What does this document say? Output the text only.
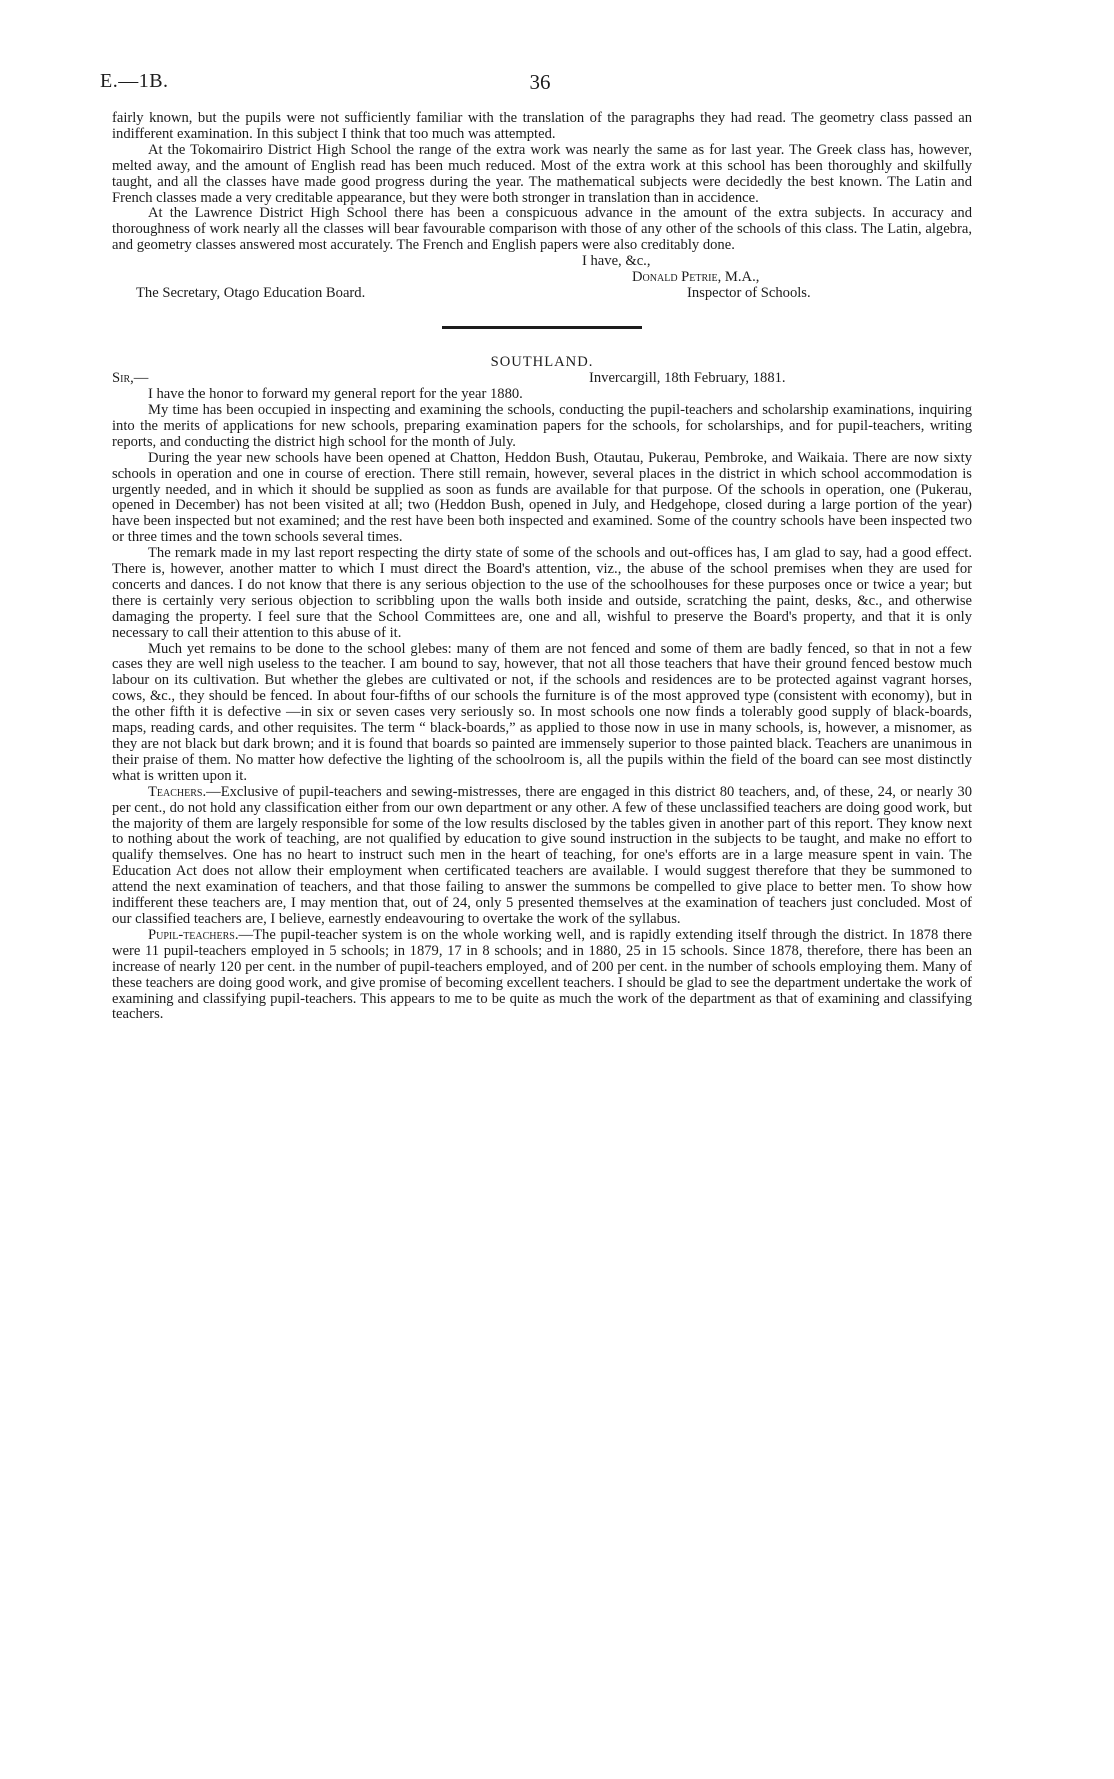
E.—1B.	36

fairly known, but the pupils were not sufficiently familiar with the translation of the paragraphs they had read. The geometry class passed an indifferent examination. In this subject I think that too much was attempted.

At the Tokomairiro District High School the range of the extra work was nearly the same as for last year. The Greek class has, however, melted away, and the amount of English read has been much reduced. Most of the extra work at this school has been thoroughly and skilfully taught, and all the classes have made good progress during the year. The mathematical subjects were decidedly the best known. The Latin and French classes made a very creditable appearance, but they were both stronger in translation than in accidence.

At the Lawrence District High School there has been a conspicuous advance in the amount of the extra subjects. In accuracy and thoroughness of work nearly all the classes will bear favourable comparison with those of any other of the schools of this class. The Latin, algebra, and geometry classes answered most accurately. The French and English papers were also creditably done.

I have, &c.,
Donald Petrie, M.A.,
The Secretary, Otago Education Board.	Inspector of Schools.

SOUTHLAND.

Sir,—	Invercargill, 18th February, 1881.

I have the honor to forward my general report for the year 1880.

My time has been occupied in inspecting and examining the schools, conducting the pupil-teachers and scholarship examinations, inquiring into the merits of applications for new schools, preparing examination papers for the schools, for scholarships, and for pupil-teachers, writing reports, and conducting the district high school for the month of July.

During the year new schools have been opened at Chatton, Heddon Bush, Otautau, Pukerau, Pembroke, and Waikaia. There are now sixty schools in operation and one in course of erection. There still remain, however, several places in the district in which school accommodation is urgently needed, and in which it should be supplied as soon as funds are available for that purpose. Of the schools in operation, one (Pukerau, opened in December) has not been visited at all; two (Heddon Bush, opened in July, and Hedgehope, closed during a large portion of the year) have been inspected but not examined; and the rest have been both inspected and examined. Some of the country schools have been inspected two or three times and the town schools several times.

The remark made in my last report respecting the dirty state of some of the schools and out-offices has, I am glad to say, had a good effect. There is, however, another matter to which I must direct the Board's attention, viz., the abuse of the school premises when they are used for concerts and dances. I do not know that there is any serious objection to the use of the schoolhouses for these purposes once or twice a year; but there is certainly very serious objection to scribbling upon the walls both inside and outside, scratching the paint, desks, &c., and otherwise damaging the property. I feel sure that the School Committees are, one and all, wishful to preserve the Board's property, and that it is only necessary to call their attention to this abuse of it.

Much yet remains to be done to the school glebes: many of them are not fenced and some of them are badly fenced, so that in not a few cases they are well nigh useless to the teacher. I am bound to say, however, that not all those teachers that have their ground fenced bestow much labour on its cultivation. But whether the glebes are cultivated or not, if the schools and residences are to be protected against vagrant horses, cows, &c., they should be fenced. In about four-fifths of our schools the furniture is of the most approved type (consistent with economy), but in the other fifth it is defective —in six or seven cases very seriously so. In most schools one now finds a tolerably good supply of black-boards, maps, reading cards, and other requisites. The term “ black-boards,” as applied to those now in use in many schools, is, however, a misnomer, as they are not black but dark brown; and it is found that boards so painted are immensely superior to those painted black. Teachers are unanimous in their praise of them. No matter how defective the lighting of the schoolroom is, all the pupils within the field of the board can see most distinctly what is written upon it.

Teachers.—Exclusive of pupil-teachers and sewing-mistresses, there are engaged in this district 80 teachers, and, of these, 24, or nearly 30 per cent., do not hold any classification either from our own department or any other. A few of these unclassified teachers are doing good work, but the majority of them are largely responsible for some of the low results disclosed by the tables given in another part of this report. They know next to nothing about the work of teaching, are not qualified by education to give sound instruction in the subjects to be taught, and make no effort to qualify themselves. One has no heart to instruct such men in the heart of teaching, for one's efforts are in a large measure spent in vain. The Education Act does not allow their employment when certificated teachers are available. I would suggest therefore that they be summoned to attend the next examination of teachers, and that those failing to answer the summons be compelled to give place to better men. To show how indifferent these teachers are, I may mention that, out of 24, only 5 presented themselves at the examination of teachers just concluded. Most of our classified teachers are, I believe, earnestly endeavouring to overtake the work of the syllabus.

Pupil-teachers.—The pupil-teacher system is on the whole working well, and is rapidly extending itself through the district. In 1878 there were 11 pupil-teachers employed in 5 schools; in 1879, 17 in 8 schools; and in 1880, 25 in 15 schools. Since 1878, therefore, there has been an increase of nearly 120 per cent. in the number of pupil-teachers employed, and of 200 per cent. in the number of schools employing them. Many of these teachers are doing good work, and give promise of becoming excellent teachers. I should be glad to see the department undertake the work of examining and classifying pupil-teachers. This appears to me to be quite as much the work of the department as that of examining and classifying teachers.
